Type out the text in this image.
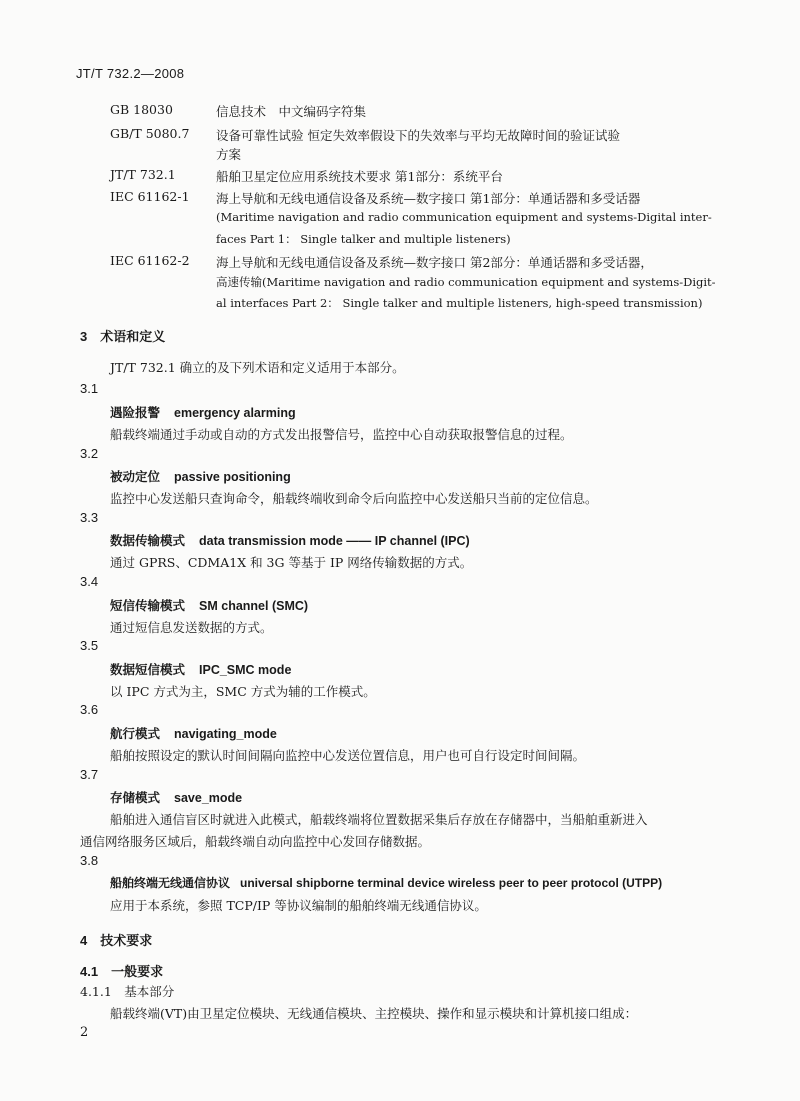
JT/T 732.2—2008
GB 18030	信息技术　中文编码字符集
GB/T 5080.7 设备可靠性试验 恒定失效率假设下的失效率与平均无故障时间的验证试验
方案
JT/T 732.1	船舶卫星定位应用系统技术要求 第1部分：系统平台
IEC 61162-1 海上导航和无线电通信设备及系统—数字接口 第1部分：单通话器和多受话器
(Maritime navigation and radio communication equipment and systems-Digital inter-
faces Part 1： Single talker and multiple listeners)
IEC 61162-2 海上导航和无线电通信设备及系统—数字接口 第2部分：单通话器和多受话器，
高速传输(Maritime navigation and radio communication equipment and systems-Digit-
al interfaces Part 2： Single talker and multiple listeners, high-speed transmission)
3　术语和定义
JT/T 732.1 确立的及下列术语和定义适用于本部分。
3.1
遇险报警 emergency alarming
船载终端通过手动或自动的方式发出报警信号，监控中心自动获取报警信息的过程。
3.2
被动定位 passive positioning
监控中心发送船只查询命令，船载终端收到命令后向监控中心发送船只当前的定位信息。
3.3
数据传输模式 data transmission mode —— IP channel (IPC)
通过 GPRS、CDMA1X 和 3G 等基于 IP 网络传输数据的方式。
3.4
短信传输模式 SM channel (SMC)
通过短信息发送数据的方式。
3.5
数据短信模式 IPC_SMC mode
以 IPC 方式为主，SMC 方式为辅的工作模式。
3.6
航行模式 navigating_mode
船舶按照设定的默认时间间隔向监控中心发送位置信息，用户也可自行设定时间间隔。
3.7
存储模式 save_mode
船舶进入通信盲区时就进入此模式，船载终端将位置数据采集后存放在存储器中，当船舶重新进入
通信网络服务区域后，船载终端自动向监控中心发回存储数据。
3.8
船舶终端无线通信协议 universal shipborne terminal device wireless peer to peer protocol (UTPP)
应用于本系统，参照 TCP/IP 等协议编制的船舶终端无线通信协议。
4　技术要求
4.1　一般要求
4.1.1　基本部分
船载终端(VT)由卫星定位模块、无线通信模块、主控模块、操作和显示模块和计算机接口组成：
2
